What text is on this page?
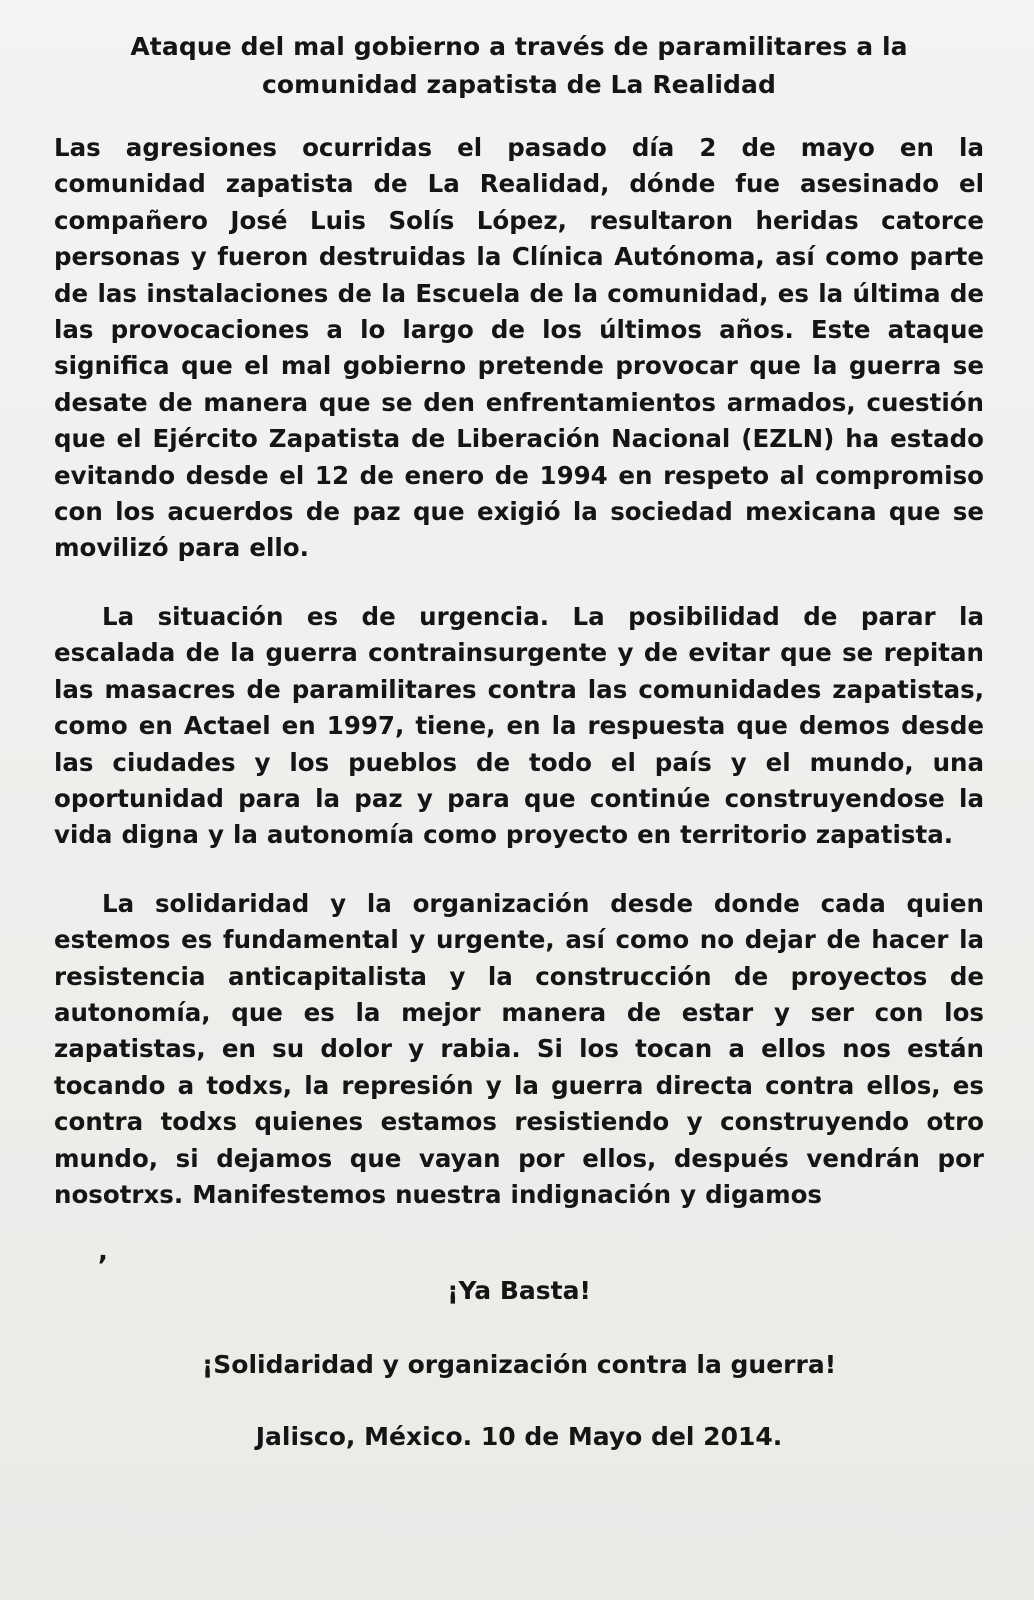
Ataque del mal gobierno a través de paramilitares a la
comunidad zapatista de La Realidad

Las agresiones ocurridas el pasado día 2 de mayo en la comunidad zapatista de La Realidad, dónde fue asesinado el compañero José Luis Solís López, resultaron heridas catorce personas y fueron destruidas la Clínica Autónoma, así como parte de las instalaciones de la Escuela de la comunidad, es la última de las provocaciones a lo largo de los últimos años. Este ataque significa que el mal gobierno pretende provocar que la guerra se desate de manera que se den enfrentamientos armados, cuestión que el Ejército Zapatista de Liberación Nacional (EZLN) ha estado evitando desde el 12 de enero de 1994 en respeto al compromiso con los acuerdos de paz que exigió la sociedad mexicana que se movilizó para ello.

La situación es de urgencia. La posibilidad de parar la escalada de la guerra contrainsurgente y de evitar que se repitan las masacres de paramilitares contra las comunidades zapatistas, como en Actael en 1997, tiene, en la respuesta que demos desde las ciudades y los pueblos de todo el país y el mundo, una oportunidad para la paz y para que continúe construyendose la vida digna y la autonomía como proyecto en territorio zapatista.

La solidaridad y la organización desde donde cada quien estemos es fundamental y urgente, así como no dejar de hacer la resistencia anticapitalista y la construcción de proyectos de autonomía, que es la mejor manera de estar y ser con los zapatistas, en su dolor y rabia. Si los tocan a ellos nos están tocando a todxs, la represión y la guerra directa contra ellos, es contra todxs quienes estamos resistiendo y construyendo otro mundo, si dejamos que vayan por ellos, después vendrán por nosotrxs. Manifestemos nuestra indignación y digamos

,
¡Ya Basta!
¡Solidaridad y organización contra la guerra!
Jalisco, México. 10 de Mayo del 2014.
